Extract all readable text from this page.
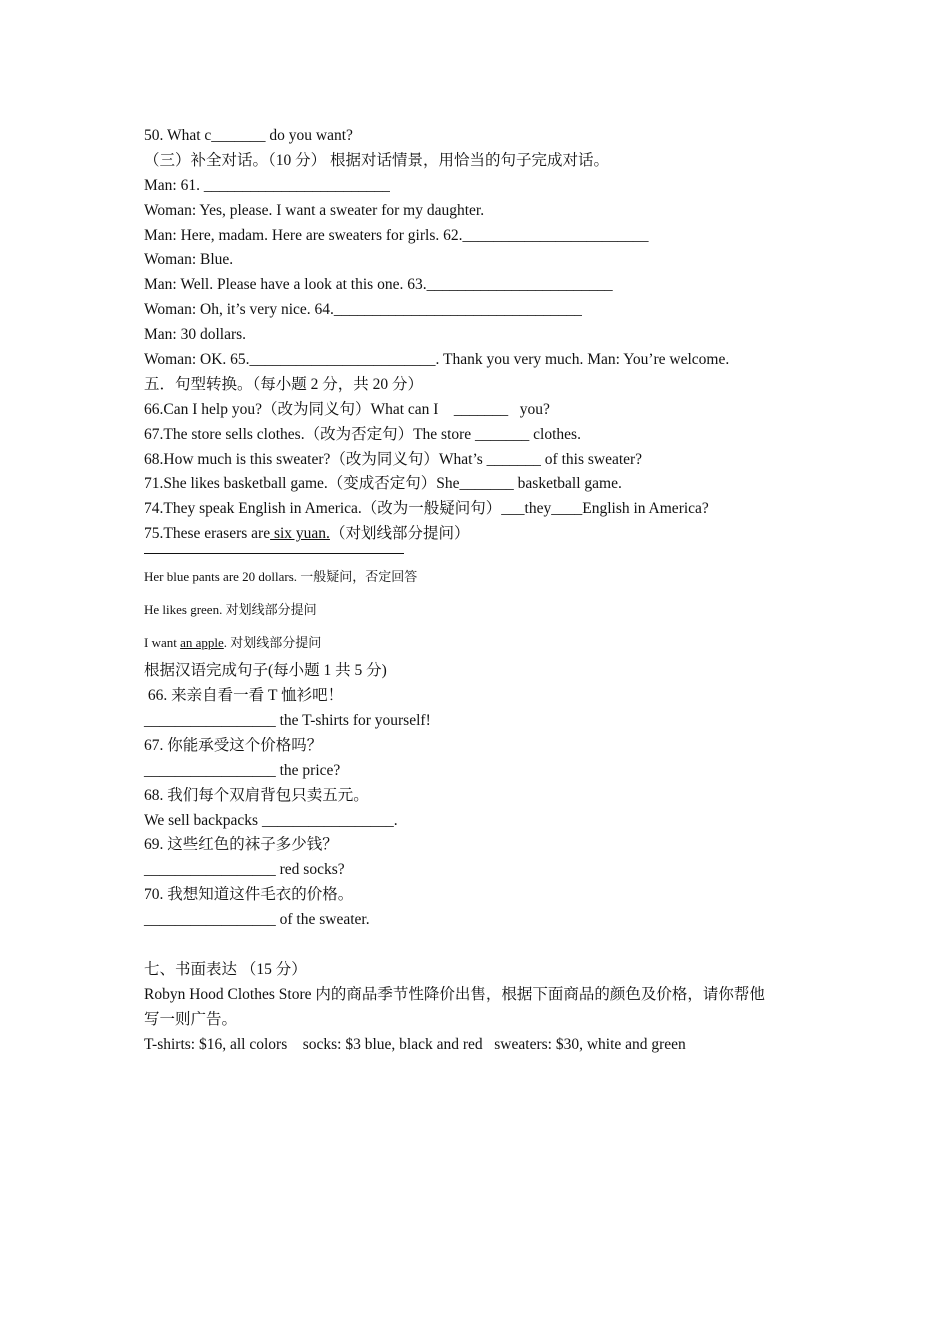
50. What c_______ do you want?
（三）补全对话。（10 分） 根据对话情景，用恰当的句子完成对话。
Man: 61. ________________________
Woman: Yes, please. I want a sweater for my daughter.
Man: Here, madam. Here are sweaters for girls. 62.________________________
Woman: Blue.
Man: Well. Please have a look at this one. 63.________________________
Woman: Oh, it’s very nice. 64.________________________________
Man: 30 dollars.
Woman: OK. 65.________________________. Thank you very much. Man: You’re welcome.
五．句型转换。（每小题 2 分，共 20 分）
66.Can I help you?（改为同义句）What can I    _______   you?
67.The store sells clothes.（改为否定句）The store _______ clothes.
68.How much is this sweater?（改为同义句）What’s _______ of this sweater?
71.She likes basketball game.（变成否定句）She_______ basketball game.
74.They speak English in America.（改为一般疑问句）___they____English in America?
75.These erasers are six yuan.（对划线部分提问）
Her blue pants are 20 dollars. 一般疑问，否定回答
He likes green. 对划线部分提问
I want an apple. 对划线部分提问
根据汉语完成句子(每小题 1 共 5 分)
66. 来亲自看一看 T 恤衫吧！
_________________ the T-shirts for yourself!
67. 你能承受这个价格吗？
_________________ the price?
68. 我们每个双肩背包只卖五元。
We sell backpacks _________________.
69. 这些红色的袜子多少钱？
_________________ red socks?
70. 我想知道这件毛衣的价格。
_________________ of the sweater.
七、书面表达 （15 分）
Robyn Hood Clothes Store 内的商品季节性降价出售，根据下面商品的颜色及价格，请你帮他
写一则广告。
T-shirts: $16, all colors    socks: $3 blue, black and red   sweaters: $30, white and green
